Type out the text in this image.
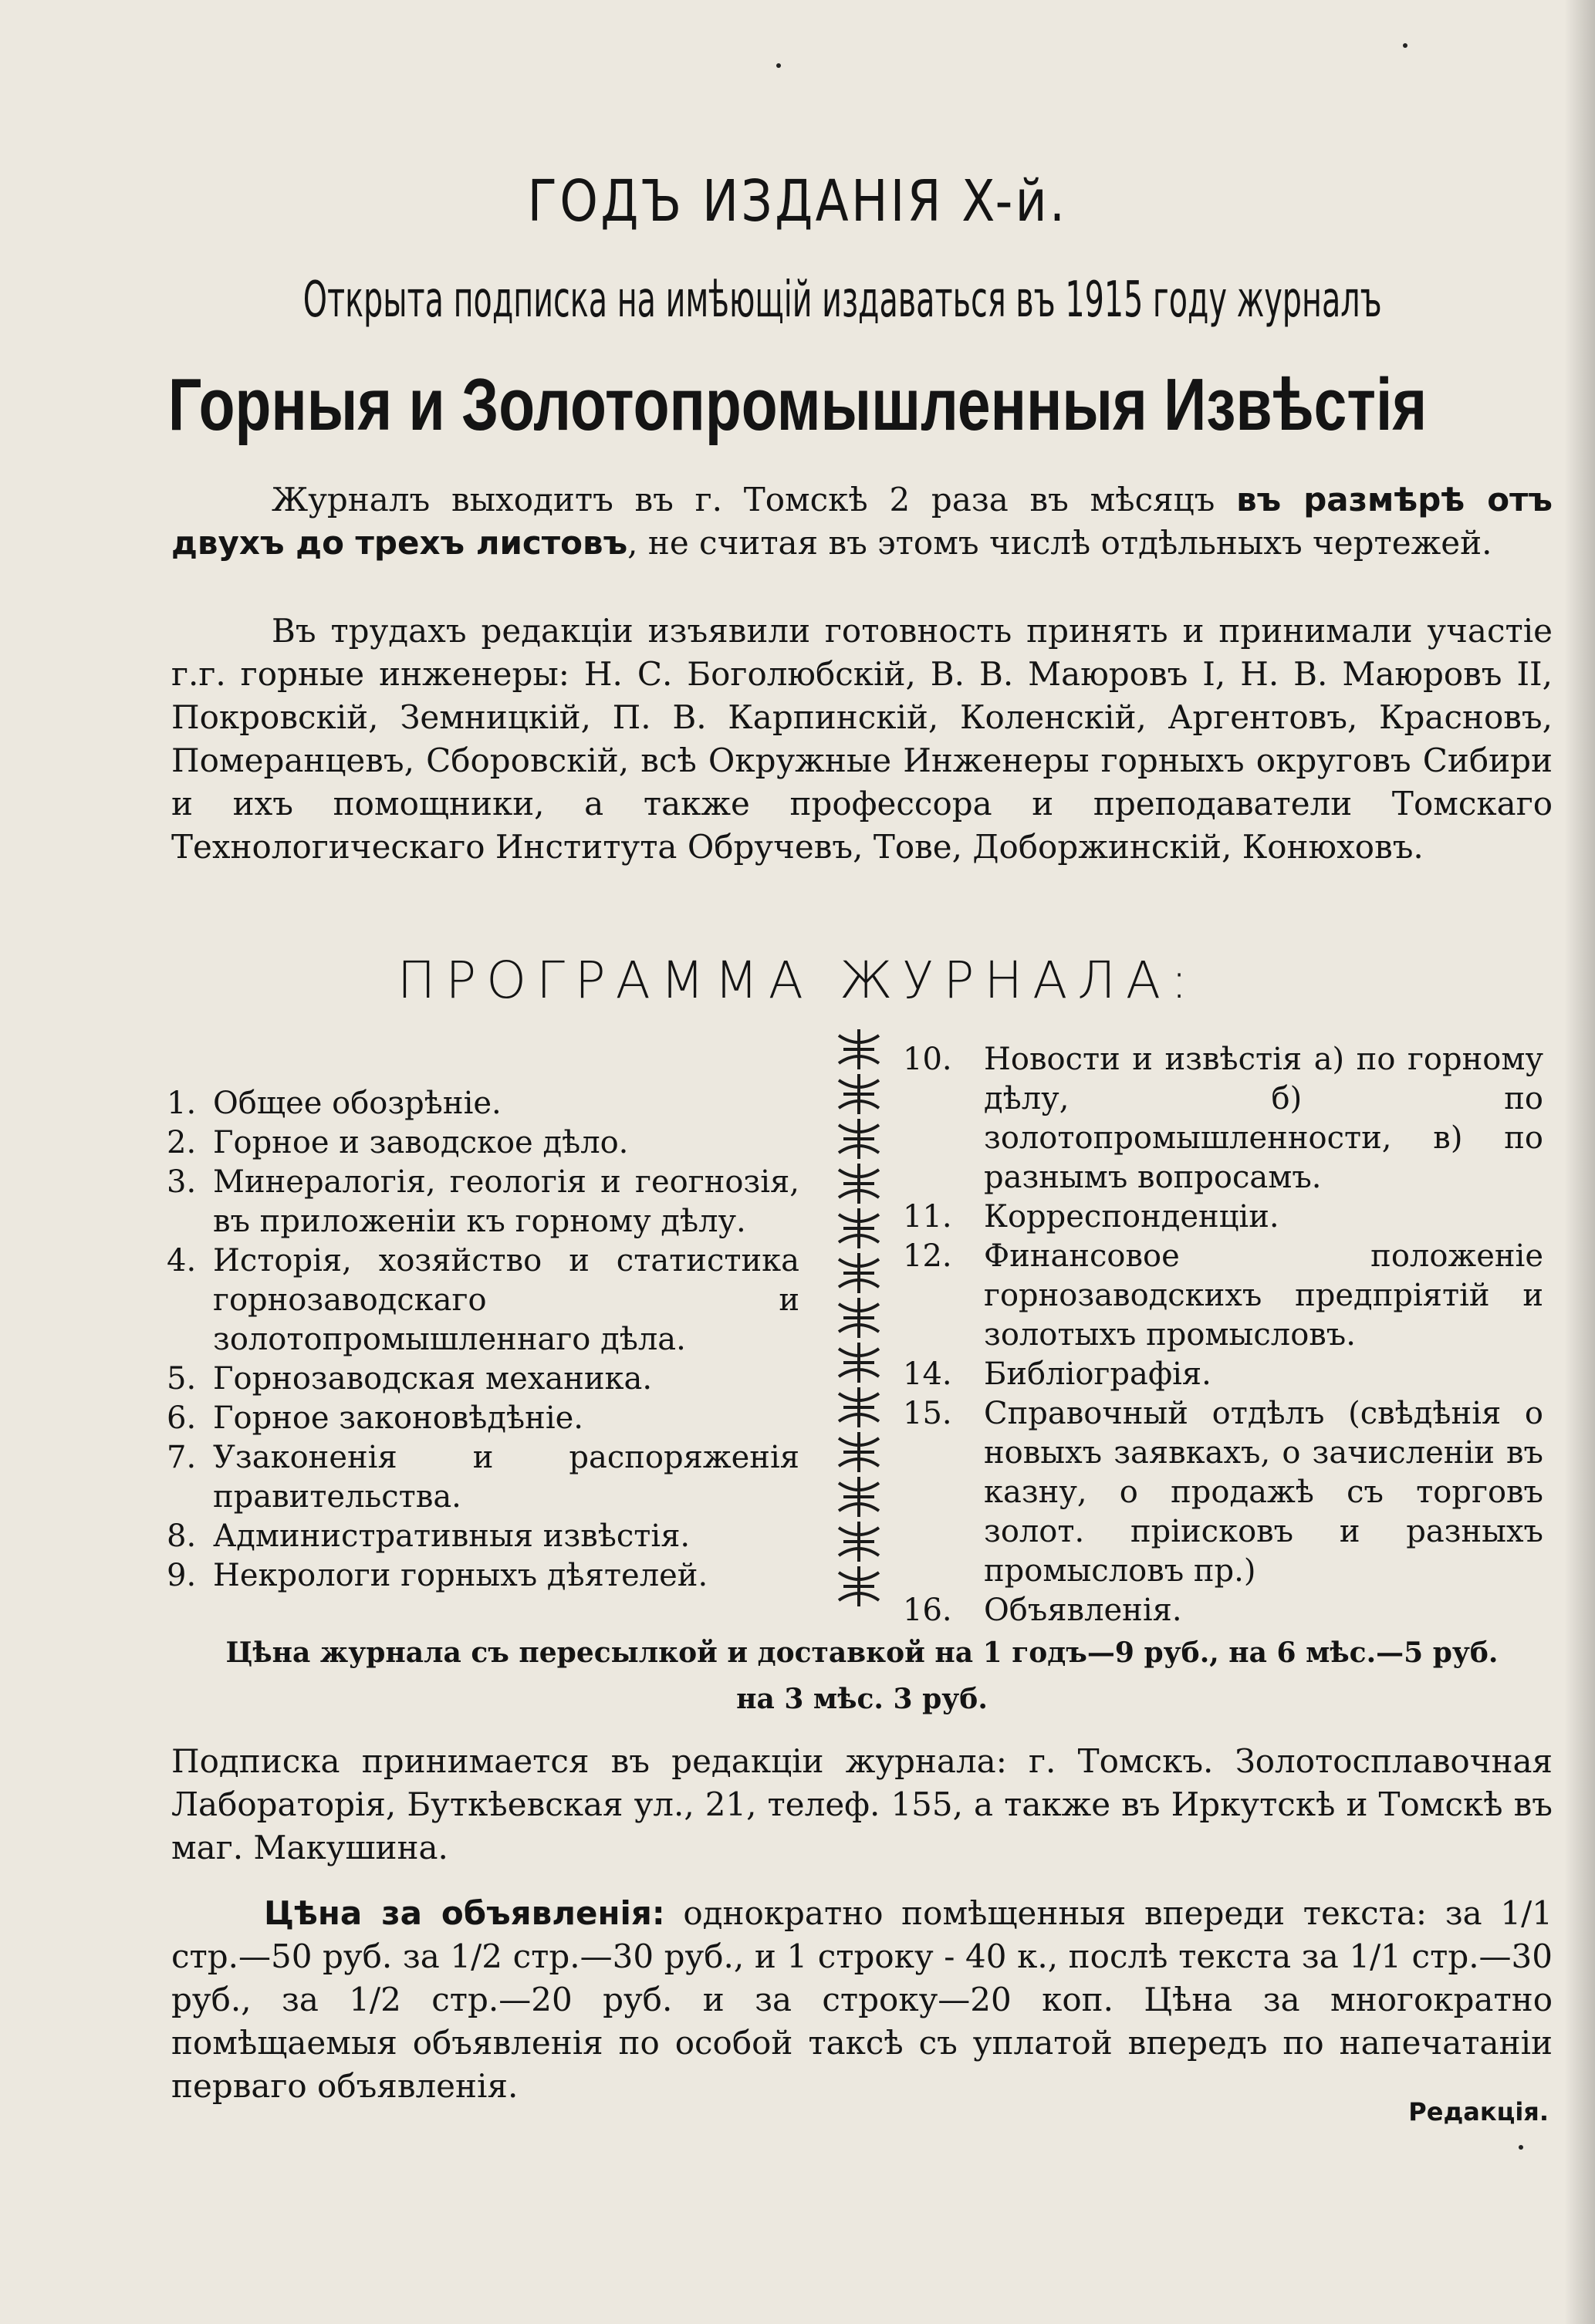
ГОДЪ ИЗДАНIЯ X-й.
Открыта подписка на имѣющiй издаваться въ 1915 году журналъ
Горныя и Золотопромышленныя Извѣстiя
Журналъ выходитъ въ г. Томскѣ 2 раза въ мѣсяцъ въ размѣрѣ отъ двухъ до трехъ листовъ, не считая въ этомъ числѣ отдѣльныхъ чертежей.
Въ трудахъ редакцiи изъявили готовность принять и принимали участiе г.г. горные инженеры: Н. С. Боголюбскiй, В. В. Маюровъ I, Н. В. Маюровъ II, Покровскiй, Земницкiй, П. В. Карпинскiй, Коленскiй, Аргентовъ, Красновъ, Померанцевъ, Сборовскiй, всѣ Окружные Инженеры горныхъ округовъ Сибири и ихъ помощники, а также профессора и преподаватели Томскаго Технологическаго Института Обручевъ, Тове, Доборжинскiй, Конюховъ.
ПРОГРАММА ЖУРНАЛА:
1. Общее обозрѣнiе.
2. Горное и заводское дѣло.
3. Минералогiя, геологiя и геогнозiя, въ приложенiи къ горному дѣлу.
4. Исторiя, хозяйство и статистика горнозаводскаго и золотопромышленнаго дѣла.
5. Горнозаводская механика.
6. Горное законовѣдѣнiе.
7. Узаконенiя и распоряженiя правительства.
8. Административныя извѣстiя.
9. Некрологи горныхъ дѣятелей.
10.	Новости и извѣстiя а) по горному дѣлу, б) по золотопромышленности, в) по разнымъ вопросамъ.
11.	Корреспонденцiи.
12.	Финансовое положенiе горнозаводскихъ предпрiятiй и золотыхъ промысловъ.
14.	Библiографiя.
15.	Справочный отдѣлъ (свѣдѣнiя о новыхъ заявкахъ, о зачисленiи въ казну, о продажѣ съ торговъ золот. прiисковъ и разныхъ промысловъ пр.)
16.	Объявленiя.
Цѣна журнала съ пересылкой и доставкой на 1 годъ—9 руб., на 6 мѣс.—5 руб.
на 3 мѣс. 3 руб.
Подписка принимается въ редакцiи журнала: г. Томскъ. Золотосплавочная Лабораторiя, Буткѣевская ул., 21, телеф. 155, а также въ Иркутскѣ и Томскѣ въ маг. Макушина.
Цѣна за объявленiя: однократно помѣщенныя впереди текста: за 1/1 стр.—50 руб. за 1/2 стр.—30 руб., и 1 строку - 40 к., послѣ текста за 1/1 стр.—30 руб., за 1/2 стр.—20 руб. и за строку—20 коп. Цѣна за многократно помѣщаемыя объявленiя по особой таксѣ съ уплатой впередъ по напечатанiи перваго объявленiя.
Редакцiя.
